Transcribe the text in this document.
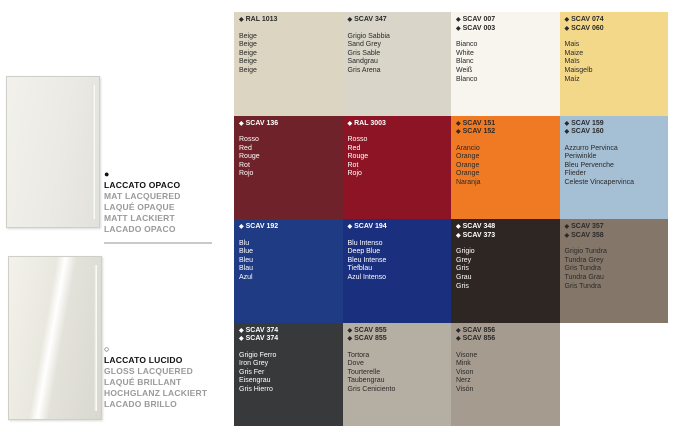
●
LACCATO OPACO
MAT LACQUERED
LAQUÉ OPAQUE
MATT LACKIERT
LACADO OPACO
○
LACCATO LUCIDO
GLOSS LACQUERED
LAQUÉ BRILLANT
HOCHGLANZ LACKIERT
LACADO BRILLO
◆ RAL 1013
Beige
Beige
Beige
Beige
Beige
◆ SCAV 347
Grigio Sabbia
Sand Grey
Gris Sable
Sandgrau
Gris Arena
◆ SCAV 007
◆ SCAV 003
Bianco
White
Blanc
Weiß
Blanco
◆ SCAV 074
◆ SCAV 060
Mais
Maize
Maïs
Maisgelb
Maíz
◆ SCAV 136
Rosso
Red
Rouge
Rot
Rojo
◆ RAL 3003
Rosso
Red
Rouge
Rot
Rojo
◆ SCAV 151
◆ SCAV 152
Arancio
Orange
Orange
Orange
Naranja
◆ SCAV 159
◆ SCAV 160
Azzurro Pervinca
Periwinkle
Bleu Pervenche
Flieder
Celeste Vincapervinca
◆ SCAV 192
Blu
Blue
Bleu
Blau
Azul
◆ SCAV 194
Blu Intenso
Deep Blue
Bleu Intense
Tiefblau
Azul Intenso
◆ SCAV 348
◆ SCAV 373
Grigio
Grey
Gris
Grau
Gris
◆ SCAV 357
◆ SCAV 358
Grigio Tundra
Tundra Grey
Gris Tundra
Tundra Grau
Gris Tundra
◆ SCAV 374
◆ SCAV 374
Grigio Ferro
Iron Grey
Gris Fer
Eisengrau
Gris Hierro
◆ SCAV 855
◆ SCAV 855
Tortora
Dove
Tourterelle
Taubengrau
Gris Ceniciento
◆ SCAV 856
◆ SCAV 856
Visone
Mink
Vison
Nerz
Visón
